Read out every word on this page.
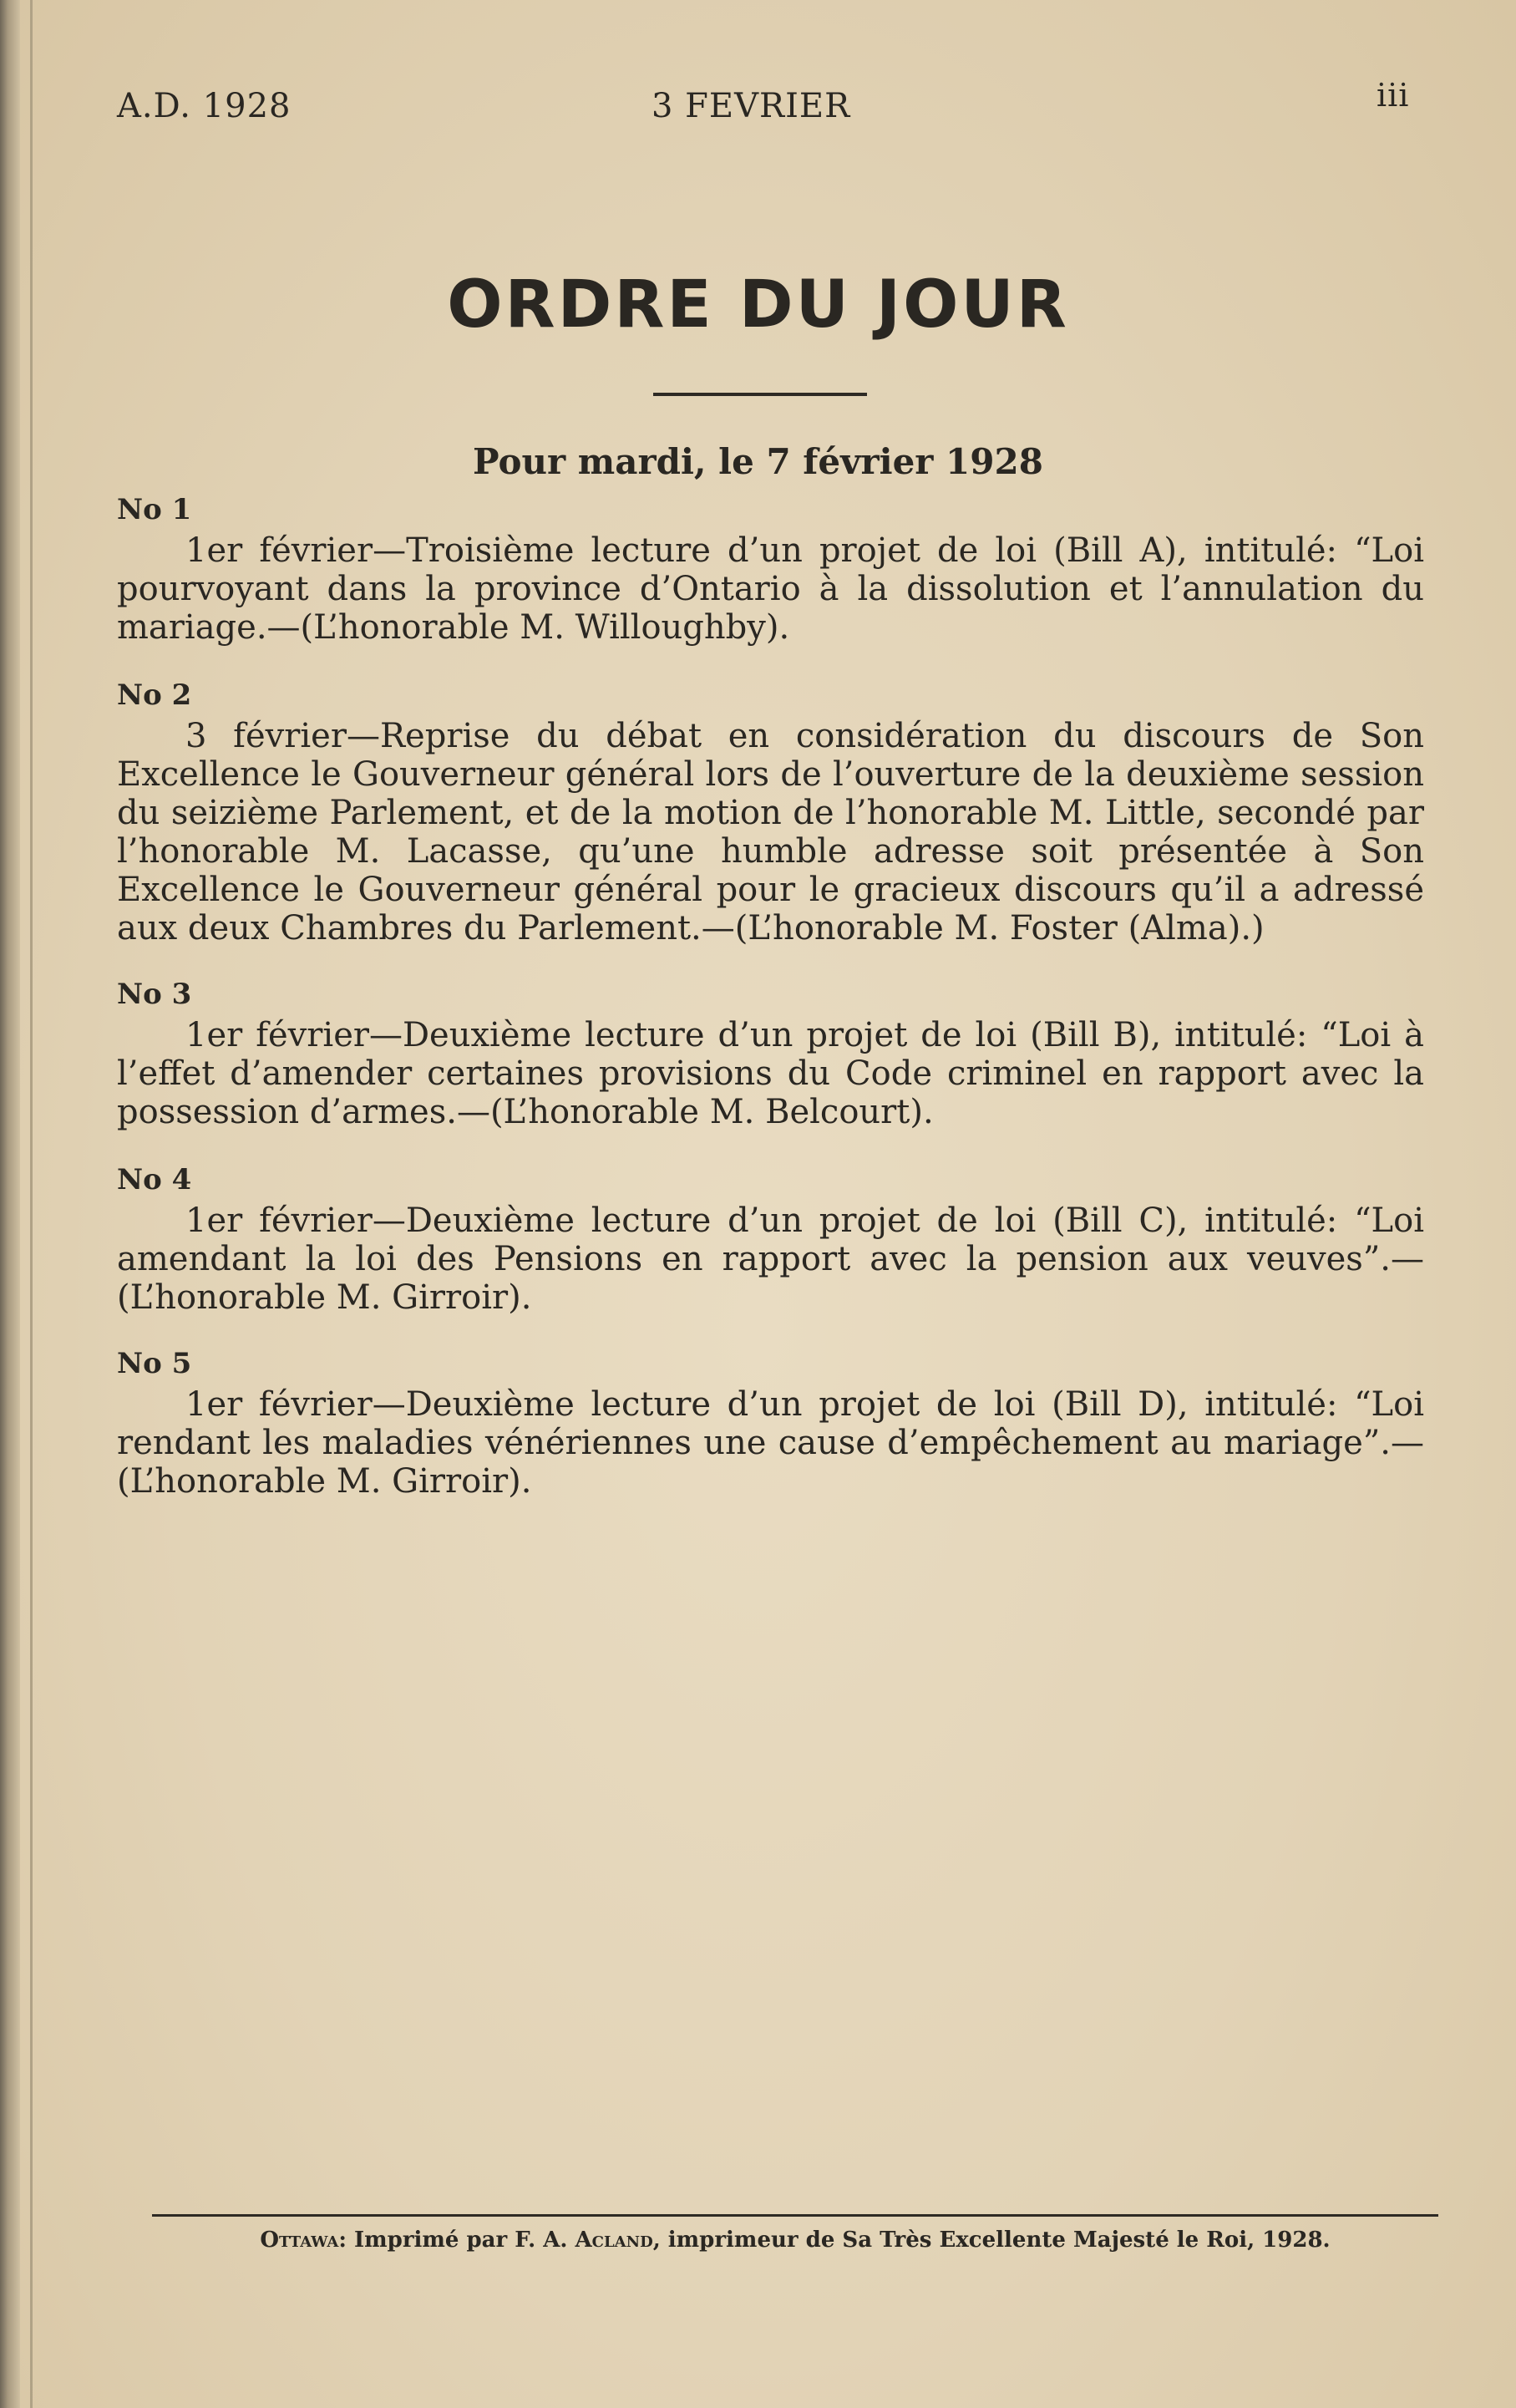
A.D. 1928	3 FEVRIER	iii
ORDRE DU JOUR
Pour mardi, le 7 février 1928
No 1

1er février—Troisième lecture d’un projet de loi (Bill A), intitulé: “Loi pourvoyant dans la province d’Ontario à la dissolution et l’annulation du mariage.—(L’honorable M. Willoughby).

No 2

3 février—Reprise du débat en considération du discours de Son Excellence le Gouverneur général lors de l’ouverture de la deuxième session du seizième Parlement, et de la motion de l’honorable M. Little, secondé par l’honorable M. Lacasse, qu’une humble adresse soit présentée à Son Excellence le Gouverneur général pour le gracieux discours qu’il a adressé aux deux Chambres du Parlement.—(L’honorable M. Foster (Alma).)

No 3

1er février—Deuxième lecture d’un projet de loi (Bill B), intitulé: “Loi à l’effet d’amender certaines provisions du Code criminel en rapport avec la possession d’armes.—(L’honorable M. Belcourt).

No 4

1er février—Deuxième lecture d’un projet de loi (Bill C), intitulé: “Loi amendant la loi des Pensions en rapport avec la pension aux veuves”.—(L’honorable M. Girroir).

No 5

1er février—Deuxième lecture d’un projet de loi (Bill D), intitulé: “Loi rendant les maladies vénériennes une cause d’empêchement au mariage”.—(L’honorable M. Girroir).

Ottawa: Imprimé par F. A. Acland, imprimeur de Sa Très Excellente Majesté le Roi, 1928.
